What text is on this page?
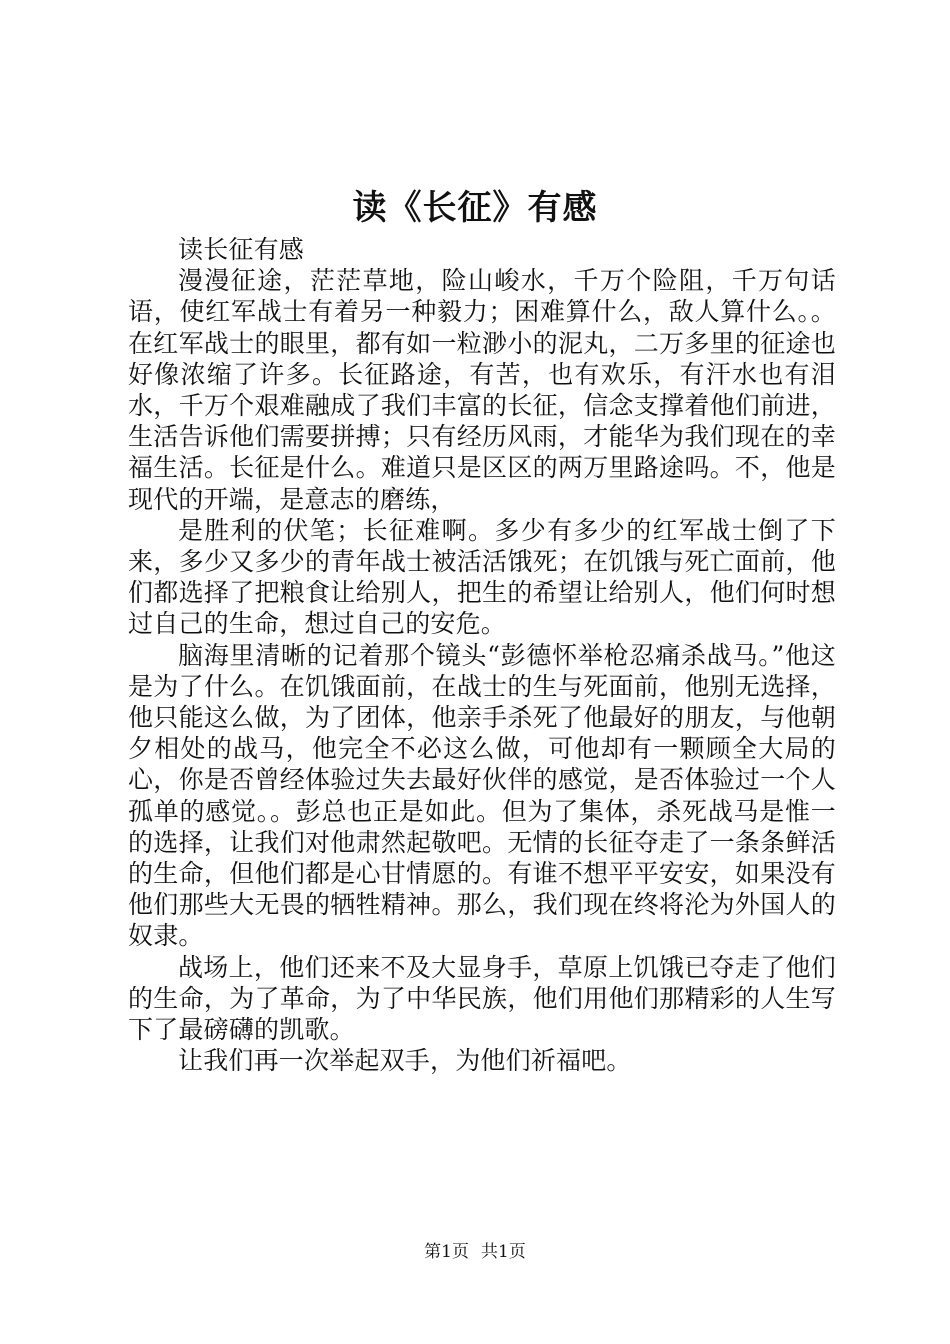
读《长征》有感

读长征有感

漫漫征途，茫茫草地，险山峻水，千万个险阻，千万句话语，使红军战士有着另一种毅力；困难算什么，敌人算什么。。在红军战士的眼里，都有如一粒渺小的泥丸，二万多里的征途也好像浓缩了许多。长征路途，有苦，也有欢乐，有汗水也有泪水，千万个艰难融成了我们丰富的长征，信念支撑着他们前进，生活告诉他们需要拼搏；只有经历风雨，才能华为我们现在的幸福生活。长征是什么。难道只是区区的两万里路途吗。不，他是现代的开端，是意志的磨练，

是胜利的伏笔；长征难啊。多少有多少的红军战士倒了下来，多少又多少的青年战士被活活饿死；在饥饿与死亡面前，他们都选择了把粮食让给别人，把生的希望让给别人，他们何时想过自己的生命，想过自己的安危。

脑海里清晰的记着那个镜头“彭德怀举枪忍痛杀战马。”他这是为了什么。在饥饿面前，在战士的生与死面前，他别无选择，他只能这么做，为了团体，他亲手杀死了他最好的朋友，与他朝夕相处的战马，他完全不必这么做，可他却有一颗顾全大局的心，你是否曾经体验过失去最好伙伴的感觉，是否体验过一个人孤单的感觉。。彭总也正是如此。但为了集体，杀死战马是惟一的选择，让我们对他肃然起敬吧。无情的长征夺走了一条条鲜活的生命，但他们都是心甘情愿的。有谁不想平平安安，如果没有他们那些大无畏的牺牲精神。那么，我们现在终将沦为外国人的奴隶。

战场上，他们还来不及大显身手，草原上饥饿已夺走了他们的生命，为了革命，为了中华民族，他们用他们那精彩的人生写下了最磅礴的凯歌。

让我们再一次举起双手，为他们祈福吧。

第1页 共1页
